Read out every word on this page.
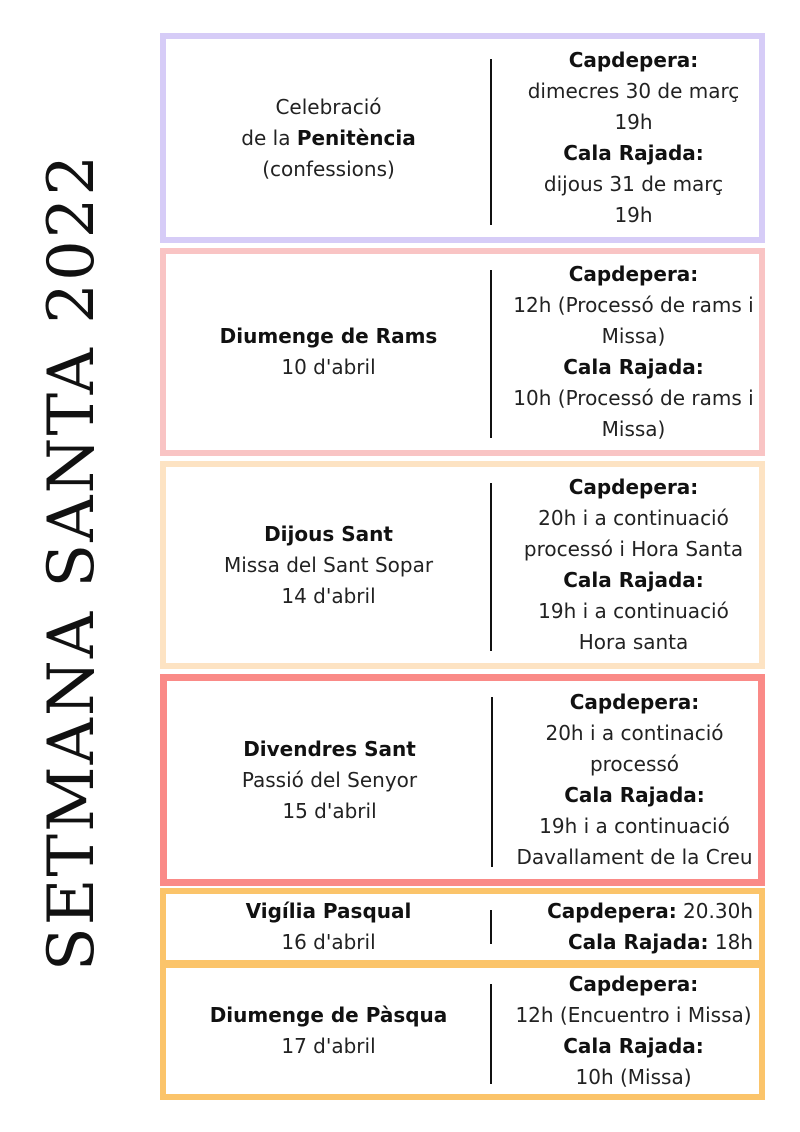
SETMANA SANTA 2022
Celebració
de la Penitència
(confessions)
Capdepera:
dimecres 30 de març
19h
Cala Rajada:
dijous 31 de març
19h
Diumenge de Rams
10 d'abril
Capdepera:
12h (Processó de rams i
Missa)
Cala Rajada:
10h (Processó de rams i
Missa)
Dijous Sant
Missa del Sant Sopar
14 d'abril
Capdepera:
20h i a continuació
processó i Hora Santa
Cala Rajada:
19h i a continuació
Hora santa
Divendres Sant
Passió del Senyor
15 d'abril
Capdepera:
20h i a continació
processó
Cala Rajada:
19h i a continuació
Davallament de la Creu
Vigília Pasqual
16 d'abril
Capdepera: 20.30h
Cala Rajada: 18h
Diumenge de Pàsqua
17 d'abril
Capdepera:
12h (Encuentro i Missa)
Cala Rajada:
10h (Missa)
